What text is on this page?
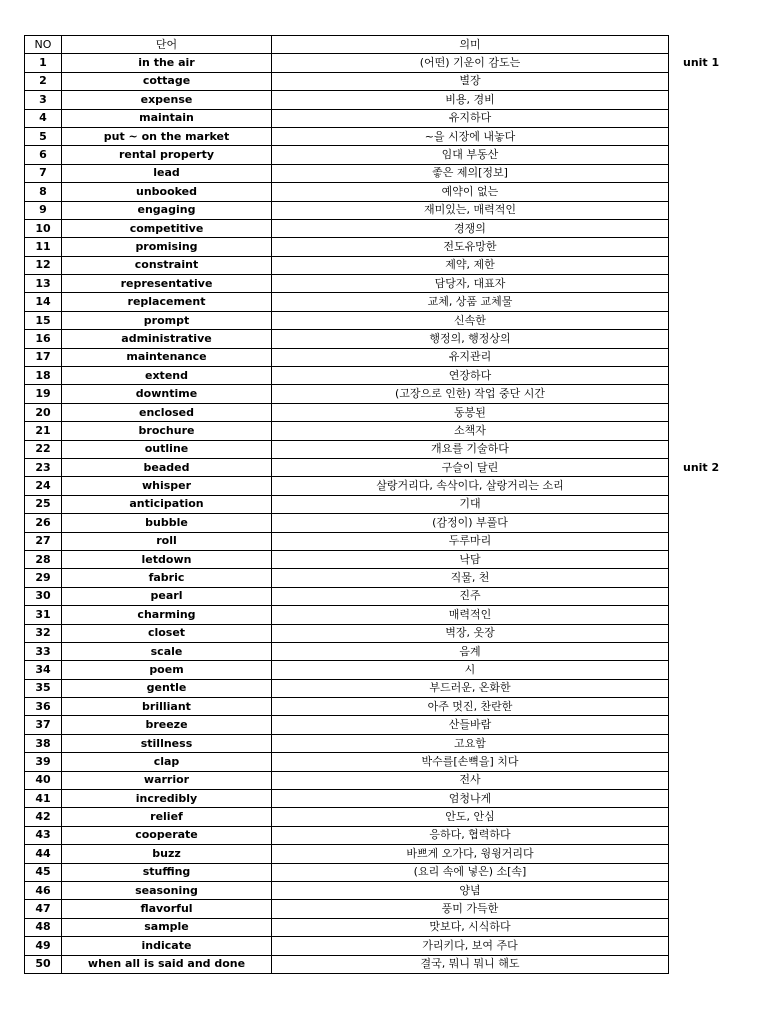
NO	단어	의미
1	in the air	(어떤) 기운이 감도는
2	cottage	별장
3	expense	비용, 경비
4	maintain	유지하다
5	put ~ on the market	~을 시장에 내놓다
6	rental property	임대 부동산
7	lead	좋은 제의[정보]
8	unbooked	예약이 없는
9	engaging	재미있는, 매력적인
10	competitive	경쟁의
11	promising	전도유망한
12	constraint	제약, 제한
13	representative	담당자, 대표자
14	replacement	교체, 상품 교체물
15	prompt	신속한
16	administrative	행정의, 행정상의
17	maintenance	유지관리
18	extend	연장하다
19	downtime	(고장으로 인한) 작업 중단 시간
20	enclosed	동봉된
21	brochure	소책자
22	outline	개요를 기술하다
23	beaded	구슬이 달린
24	whisper	살랑거리다, 속삭이다, 살랑거리는 소리
25	anticipation	기대
26	bubble	(감정이) 부풀다
27	roll	두루마리
28	letdown	낙담
29	fabric	직물, 천
30	pearl	진주
31	charming	매력적인
32	closet	벽장, 옷장
33	scale	음계
34	poem	시
35	gentle	부드러운, 온화한
36	brilliant	아주 멋진, 찬란한
37	breeze	산들바람
38	stillness	고요함
39	clap	박수를[손뼉을] 치다
40	warrior	전사
41	incredibly	엄청나게
42	relief	안도, 안심
43	cooperate	응하다, 협력하다
44	buzz	바쁘게 오가다, 윙윙거리다
45	stuffing	(요리 속에 넣은) 소[속]
46	seasoning	양념
47	flavorful	풍미 가득한
48	sample	맛보다, 시식하다
49	indicate	가리키다, 보여 주다
50	when all is said and done	결국, 뭐니 뭐니 해도
unit 1
unit 2
